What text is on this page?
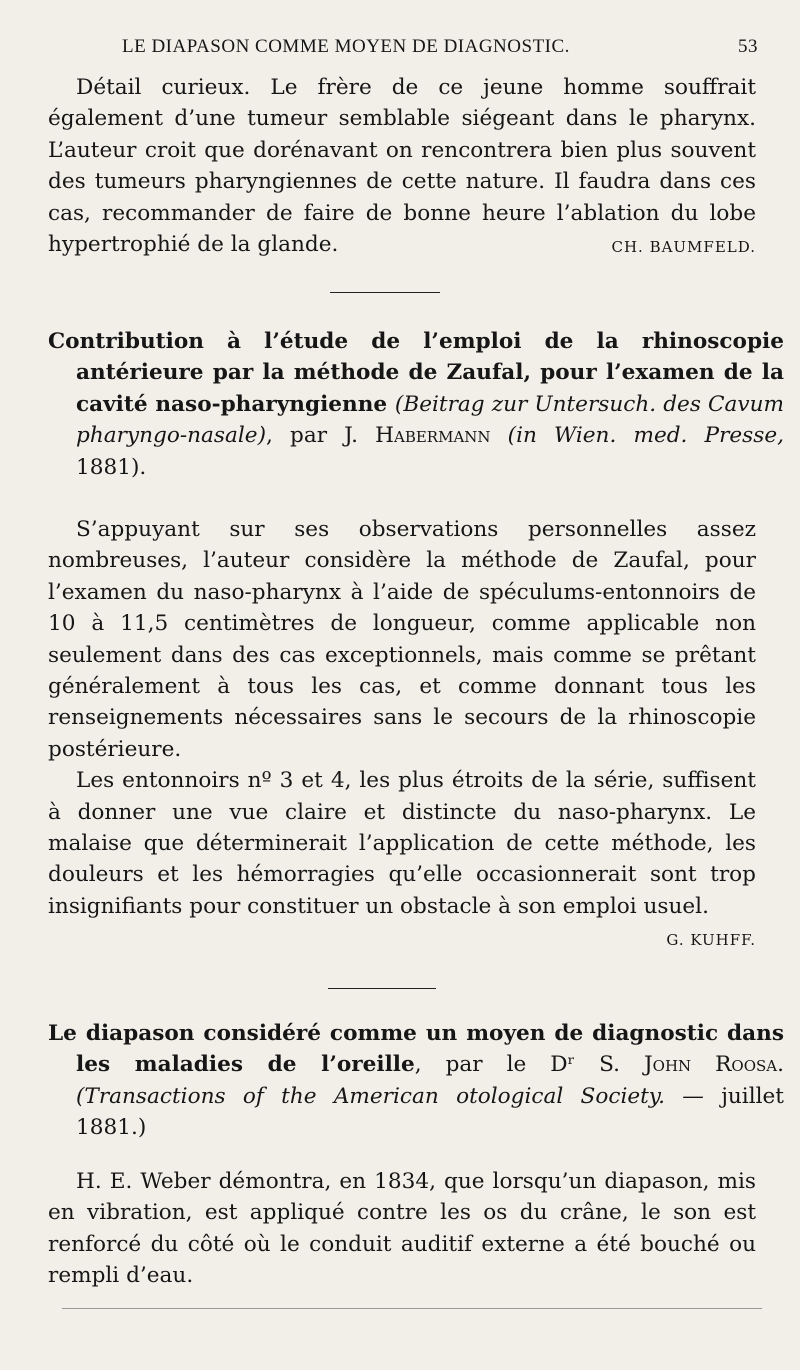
LE DIAPASON COMME MOYEN DE DIAGNOSTIC.	53

Détail curieux. Le frère de ce jeune homme souffrait également d’une tumeur semblable siégeant dans le pharynx. L’auteur croit que dorénavant on rencontrera bien plus souvent des tumeurs pharyngiennes de cette nature. Il faudra dans ces cas, recommander de faire de bonne heure l’ablation du lobe hypertrophié de la glande.	CH. BAUMFELD.

Contribution à l’étude de l’emploi de la rhinoscopie antérieure par la méthode de Zaufal, pour l’examen de la cavité naso-pharyngienne (Beitrag zur Untersuch. des Cavum pharyngo-nasale), par J. Habermann (in Wien. med. Presse, 1881).

S’appuyant sur ses observations personnelles assez nombreuses, l’auteur considère la méthode de Zaufal, pour l’examen du naso-pharynx à l’aide de spéculums-entonnoirs de 10 à 11,5 centimètres de longueur, comme applicable non seulement dans des cas exceptionnels, mais comme se prêtant généralement à tous les cas, et comme donnant tous les renseignements nécessaires sans le secours de la rhinoscopie postérieure.

Les entonnoirs nº 3 et 4, les plus étroits de la série, suffisent à donner une vue claire et distincte du naso-pharynx. Le malaise que déterminerait l’application de cette méthode, les douleurs et les hémorragies qu’elle occasionnerait sont trop insignifiants pour constituer un obstacle à son emploi usuel.
G. KUHFF.

Le diapason considéré comme un moyen de diagnostic dans les maladies de l’oreille, par le Dʳ S. John Roosa. (Transactions of the American otological Society. — juillet 1881.)

H. E. Weber démontra, en 1834, que lorsqu’un diapason, mis en vibration, est appliqué contre les os du crâne, le son est renforcé du côté où le conduit auditif externe a été bouché ou rempli d’eau.
